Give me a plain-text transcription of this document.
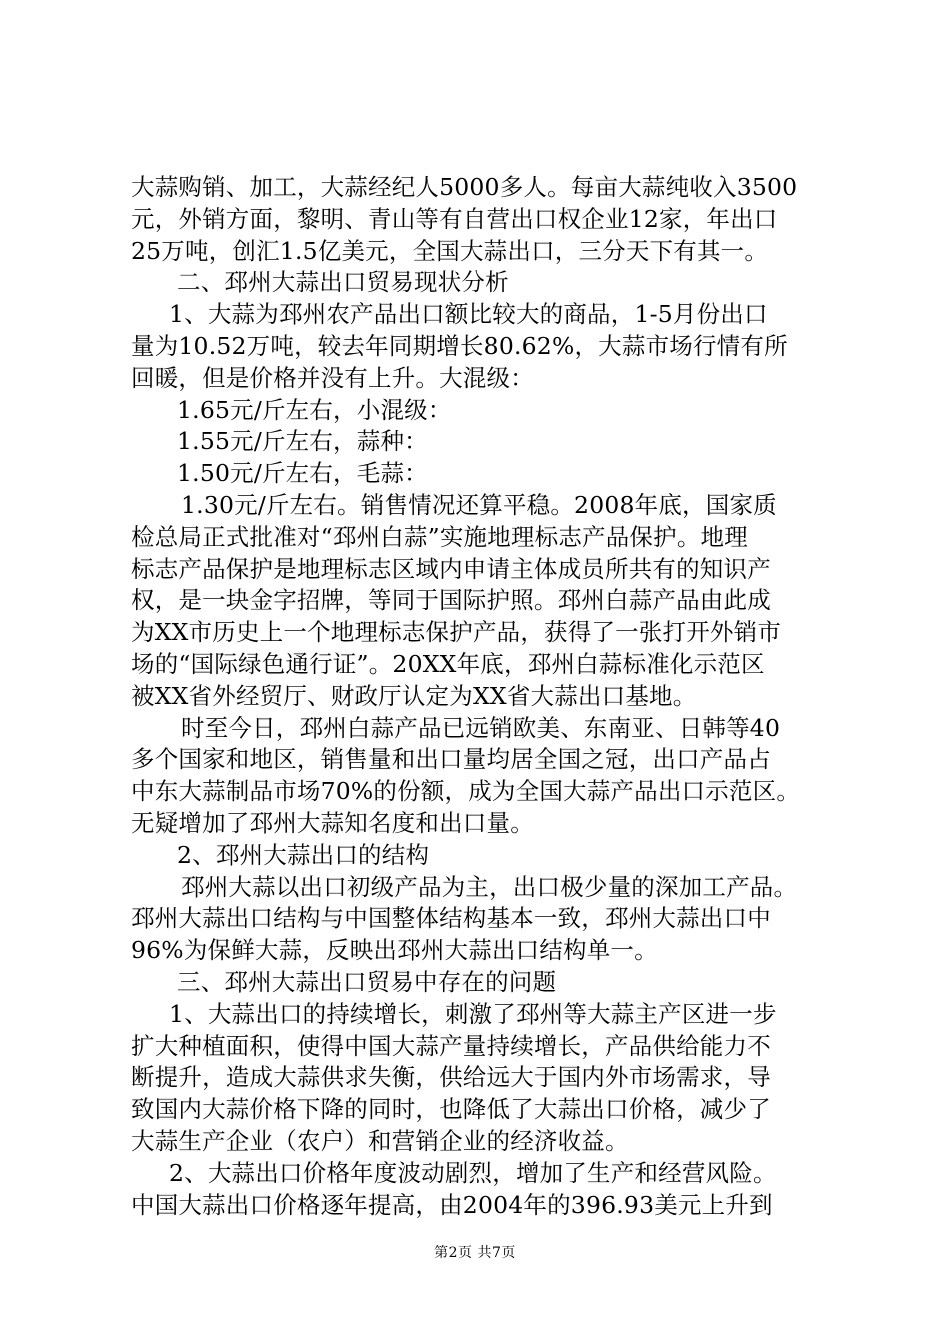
大蒜购销、加工，大蒜经纪人5000多人。每亩大蒜纯收入3500
元，外销方面，黎明、青山等有自营出口权企业12家，年出口
25万吨，创汇1.5亿美元，全国大蒜出口，三分天下有其一。
二、邳州大蒜出口贸易现状分析
1、大蒜为邳州农产品出口额比较大的商品，1-5月份出口
量为10.52万吨，较去年同期增长80.62%，大蒜市场行情有所
回暖，但是价格并没有上升。大混级：
1.65元/斤左右，小混级：
1.55元/斤左右，蒜种：
1.50元/斤左右，毛蒜：
1.30元/斤左右。销售情况还算平稳。2008年底，国家质
检总局正式批准对“邳州白蒜”实施地理标志产品保护。地理
标志产品保护是地理标志区域内申请主体成员所共有的知识产
权，是一块金字招牌，等同于国际护照。邳州白蒜产品由此成
为XX市历史上一个地理标志保护产品，获得了一张打开外销市
场的“国际绿色通行证”。20XX年底，邳州白蒜标准化示范区
被XX省外经贸厅、财政厅认定为XX省大蒜出口基地。
时至今日，邳州白蒜产品已远销欧美、东南亚、日韩等40
多个国家和地区，销售量和出口量均居全国之冠，出口产品占
中东大蒜制品市场70%的份额，成为全国大蒜产品出口示范区。
无疑增加了邳州大蒜知名度和出口量。
2、邳州大蒜出口的结构
邳州大蒜以出口初级产品为主，出口极少量的深加工产品。
邳州大蒜出口结构与中国整体结构基本一致，邳州大蒜出口中
96%为保鲜大蒜，反映出邳州大蒜出口结构单一。
三、邳州大蒜出口贸易中存在的问题
1、大蒜出口的持续增长，刺激了邳州等大蒜主产区进一步
扩大种植面积，使得中国大蒜产量持续增长，产品供给能力不
断提升，造成大蒜供求失衡，供给远大于国内外市场需求，导
致国内大蒜价格下降的同时，也降低了大蒜出口价格，减少了
大蒜生产企业（农户）和营销企业的经济收益。
2、大蒜出口价格年度波动剧烈，增加了生产和经营风险。
中国大蒜出口价格逐年提高，由2004年的396.93美元上升到
第2页 共7页
